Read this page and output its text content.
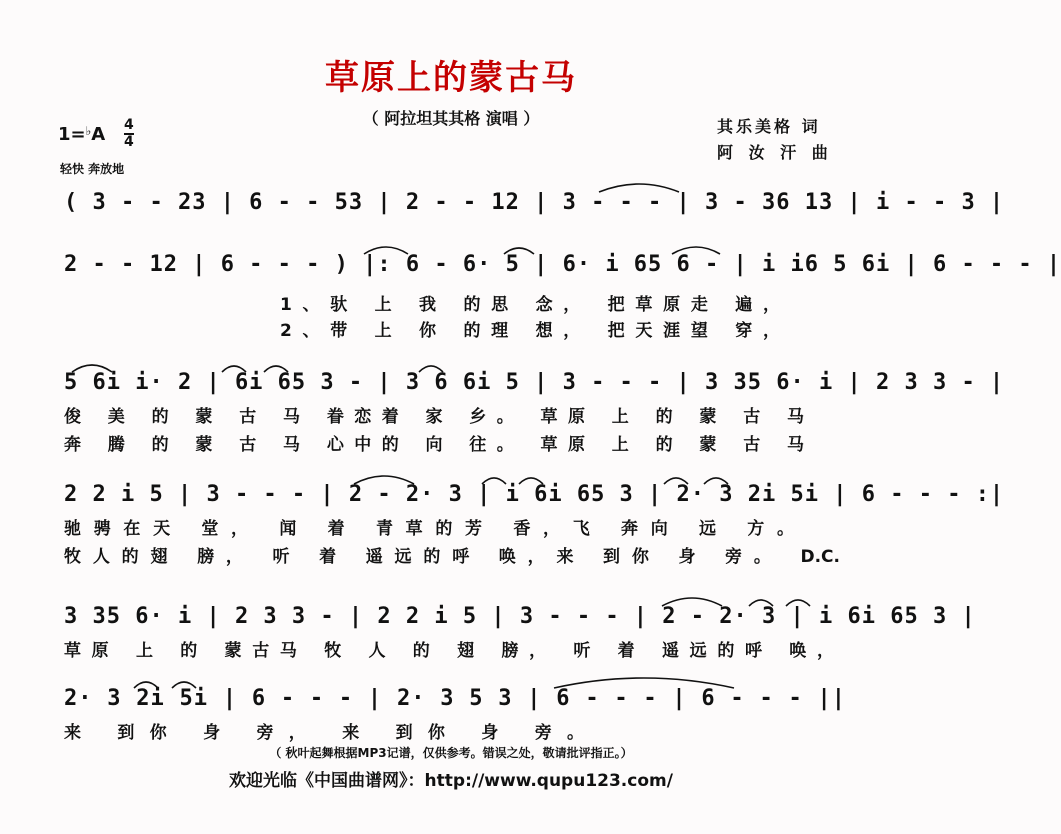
草原上的蒙古马
（ 阿拉坦其其格 演唱 ）	其乐美格 词
阿 汝 汗 曲
1=♭A 4
4
轻快 奔放地
( 3 - - 23 | 6 - - 53 | 2 - - 12 | 3 - - - | 3 - 36 13 | i - - 3 |
2 - - 12 | 6 - - - ) |: 6 - 6· 5 | 6· i 65 6 - | i i6 5 6i | 6 - - - |
1、驮 上 我 的思 念， 把草原走 遍，
2、带 上 你 的理 想， 把天涯望 穿，
5 6i i· 2 | 6i 65 3 - | 3 6 6i 5 | 3 - - - | 3 35 6· i | 2 3 3 - |
俊 美 的 蒙 古 马 眷恋着 家 乡。 草原 上 的 蒙 古 马
奔 腾 的 蒙 古 马 心中的 向 往。 草原 上 的 蒙 古 马
2 2 i 5 | 3 - - - | 2 - 2· 3 | i 6i 65 3 | 2· 3 2i 5i | 6 - - - :|
驰骋在天 堂， 闻 着 青草的芳 香，飞 奔向 远 方。
牧人的翅 膀， 听 着 遥远的呼 唤，来 到你 身 旁。 D.C.
3 35 6· i | 2 3 3 - | 2 2 i 5 | 3 - - - | 2 - 2· 3 | i 6i 65 3 |
草原 上 的 蒙古马 牧 人 的 翅 膀， 听 着 遥远的呼 唤，
2· 3 2i 5i | 6 - - - | 2· 3 5 3 | 6 - - - | 6 - - - ||
来 到你 身 旁， 来 到你 身 旁。
（ 秋叶起舞根据MP3记谱，仅供参考。错误之处，敬请批评指正。）
欢迎光临《中国曲谱网》：http://www.qupu123.com/
